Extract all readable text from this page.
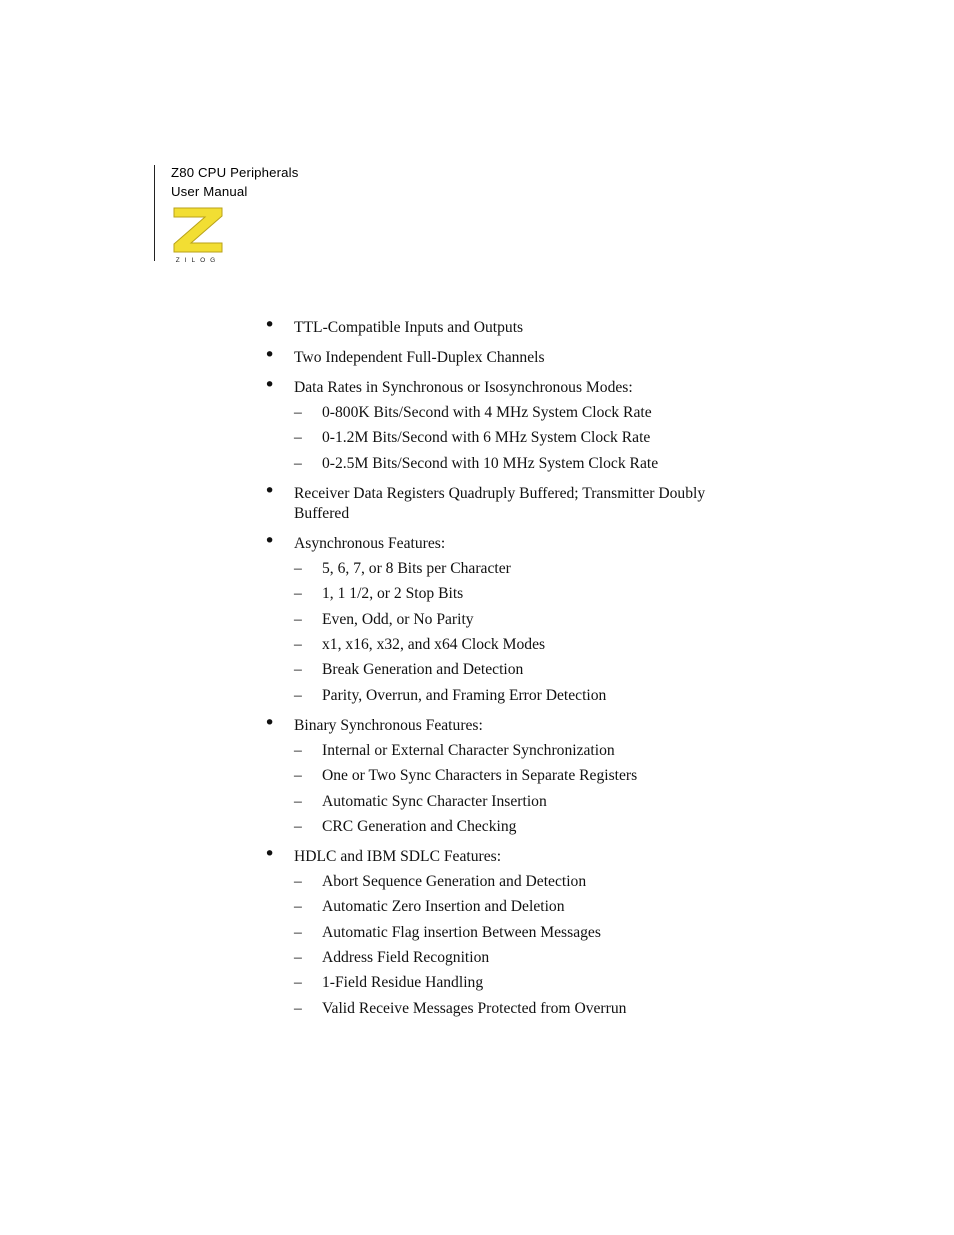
Z80 CPU Peripherals
User Manual
ZILOG
• TTL-Compatible Inputs and Outputs
• Two Independent Full-Duplex Channels
• Data Rates in Synchronous or Isosynchronous Modes:
– 0-800K Bits/Second with 4 MHz System Clock Rate
– 0-1.2M Bits/Second with 6 MHz System Clock Rate
– 0-2.5M Bits/Second with 10 MHz System Clock Rate
• Receiver Data Registers Quadruply Buffered; Transmitter Doubly Buffered
• Asynchronous Features:
– 5, 6, 7, or 8 Bits per Character
– 1, 1 1/2, or 2 Stop Bits
– Even, Odd, or No Parity
– x1, x16, x32, and x64 Clock Modes
– Break Generation and Detection
– Parity, Overrun, and Framing Error Detection
• Binary Synchronous Features:
– Internal or External Character Synchronization
– One or Two Sync Characters in Separate Registers
– Automatic Sync Character Insertion
– CRC Generation and Checking
• HDLC and IBM SDLC Features:
– Abort Sequence Generation and Detection
– Automatic Zero Insertion and Deletion
– Automatic Flag insertion Between Messages
– Address Field Recognition
– 1-Field Residue Handling
– Valid Receive Messages Protected from Overrun
